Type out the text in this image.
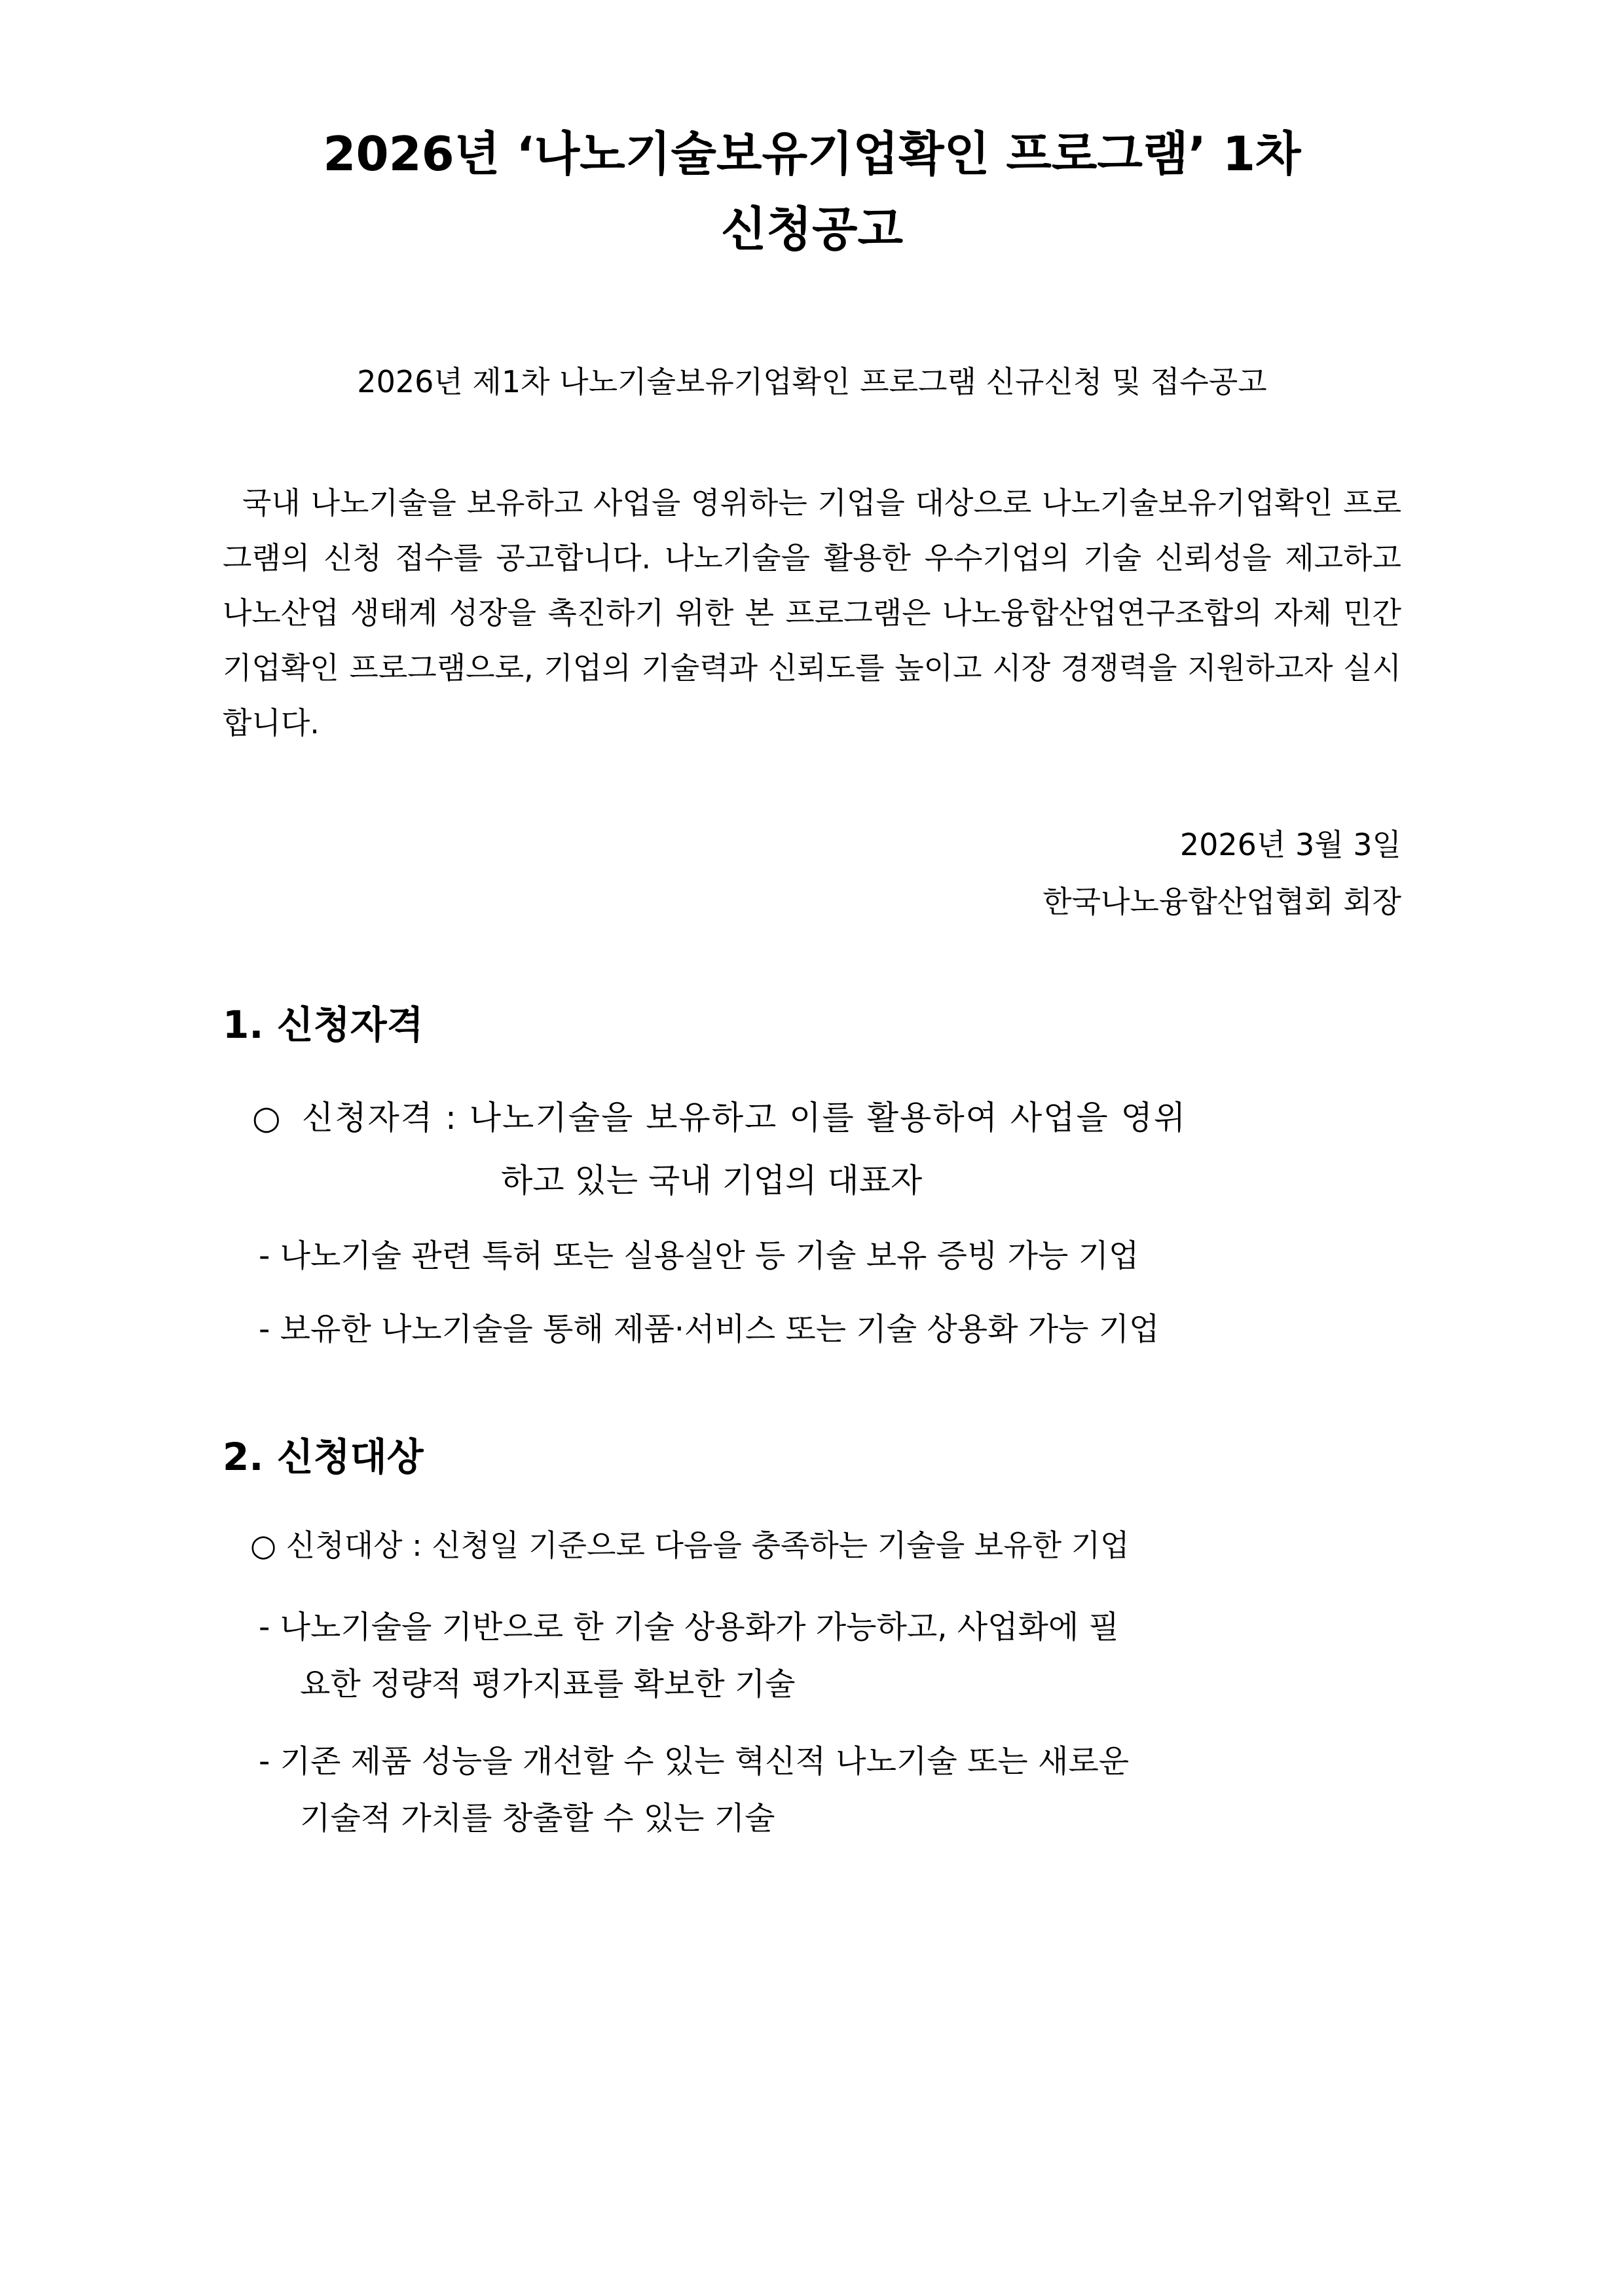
2026년 ‘나노기술보유기업확인 프로그램’ 1차
신청공고
2026년 제1차 나노기술보유기업확인 프로그램 신규신청 및 접수공고

국내 나노기술을 보유하고 사업을 영위하는 기업을 대상으로 나노기술보유기업확인 프로그램의 신청 접수를 공고합니다. 나노기술을 활용한 우수기업의 기술 신뢰성을 제고하고 나노산업 생태계 성장을 촉진하기 위한 본 프로그램은 나노융합산업연구조합의 자체 민간 기업확인 프로그램으로, 기업의 기술력과 신뢰도를 높이고 시장 경쟁력을 지원하고자 실시합니다.

2026년 3월 3일
한국나노융합산업협회 회장
1. 신청자격
○ 신청자격 : 나노기술을 보유하고 이를 활용하여 사업을 영위
하고 있는 국내 기업의 대표자
- 나노기술 관련 특허 또는 실용실안 등 기술 보유 증빙 가능 기업
- 보유한 나노기술을 통해 제품·서비스 또는 기술 상용화 가능 기업
2. 신청대상
○ 신청대상 : 신청일 기준으로 다음을 충족하는 기술을 보유한 기업
- 나노기술을 기반으로 한 기술 상용화가 가능하고, 사업화에 필
요한 정량적 평가지표를 확보한 기술
- 기존 제품 성능을 개선할 수 있는 혁신적 나노기술 또는 새로운
기술적 가치를 창출할 수 있는 기술
